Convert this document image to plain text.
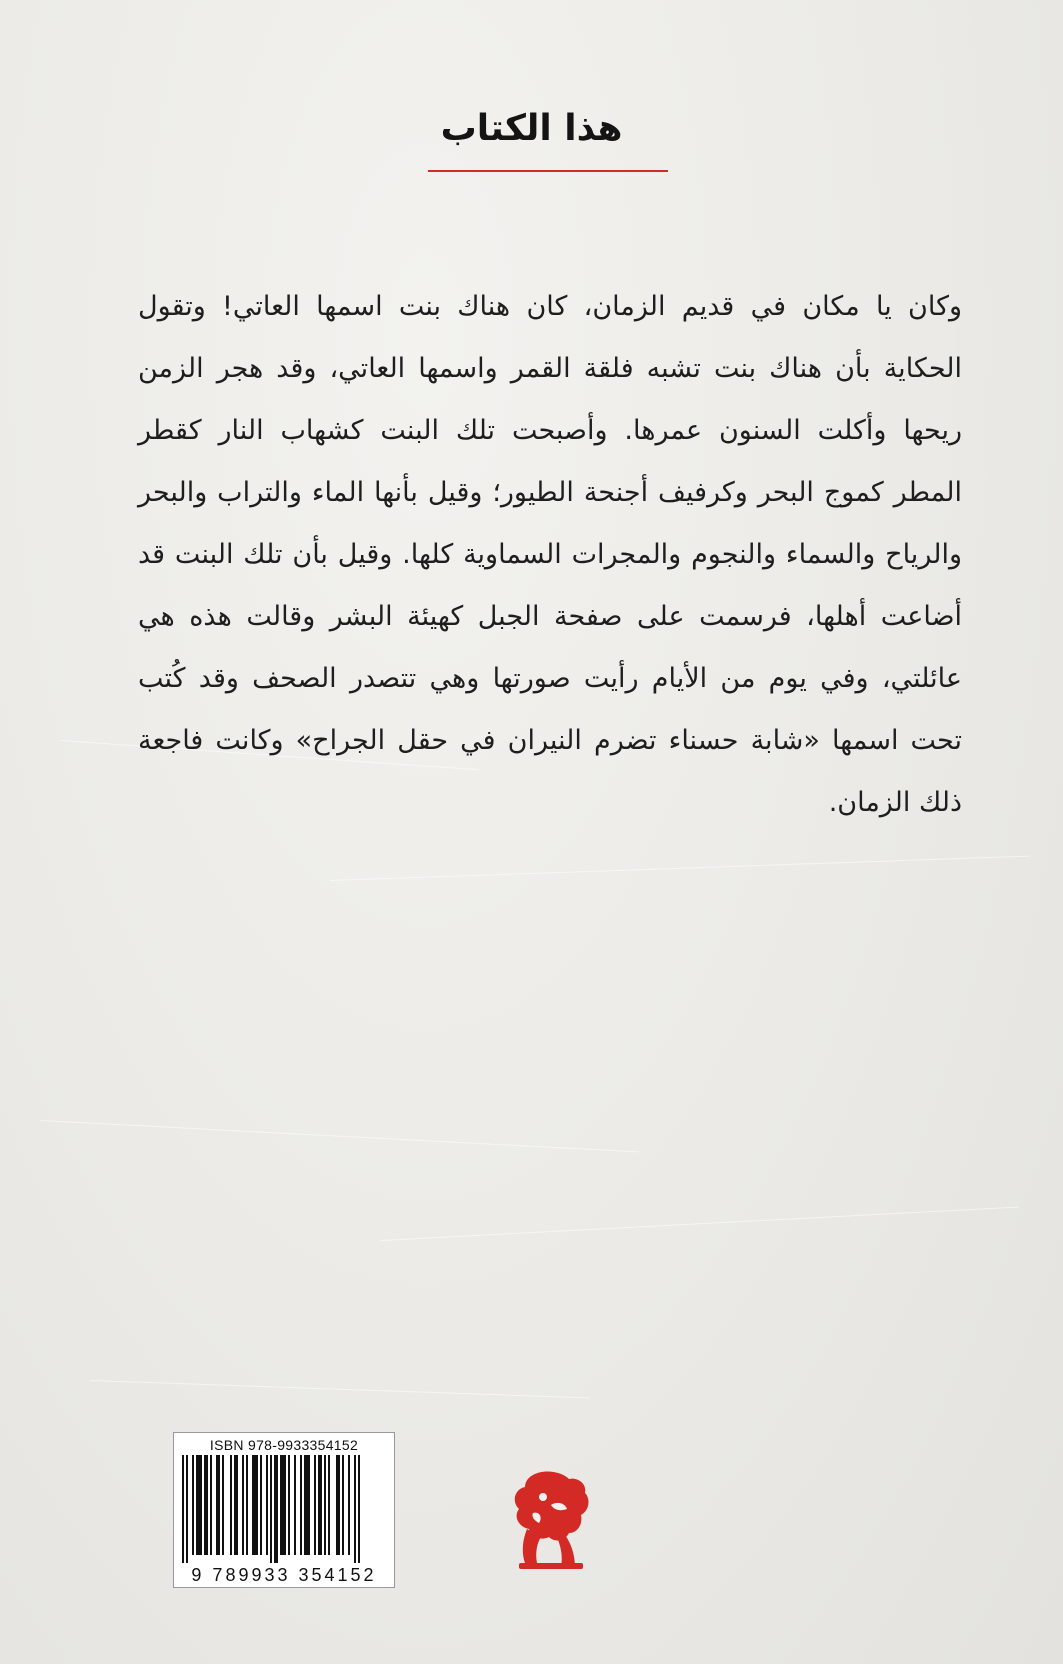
هذا الكتاب

وكان يا مكان في قديم الزمان، كان هناك بنت اسمها العاتي! وتقول الحكاية بأن هناك بنت تشبه فلقة القمر واسمها العاتي، وقد هجر الزمن ريحها وأكلت السنون عمرها. وأصبحت تلك البنت كشهاب النار كقطر المطر كموج البحر وكرفيف أجنحة الطيور؛ وقيل بأنها الماء والتراب والبحر والرياح والسماء والنجوم والمجرات السماوية كلها. وقيل بأن تلك البنت قد أضاعت أهلها، فرسمت على صفحة الجبل كهيئة البشر وقالت هذه هي عائلتي، وفي يوم من الأيام رأيت صورتها وهي تتصدر الصحف وقد كُتب تحت اسمها «شابة حسناء تضرم النيران في حقل الجراح» وكانت فاجعة ذلك الزمان.

ISBN 978-9933354152
9 789933 354152
